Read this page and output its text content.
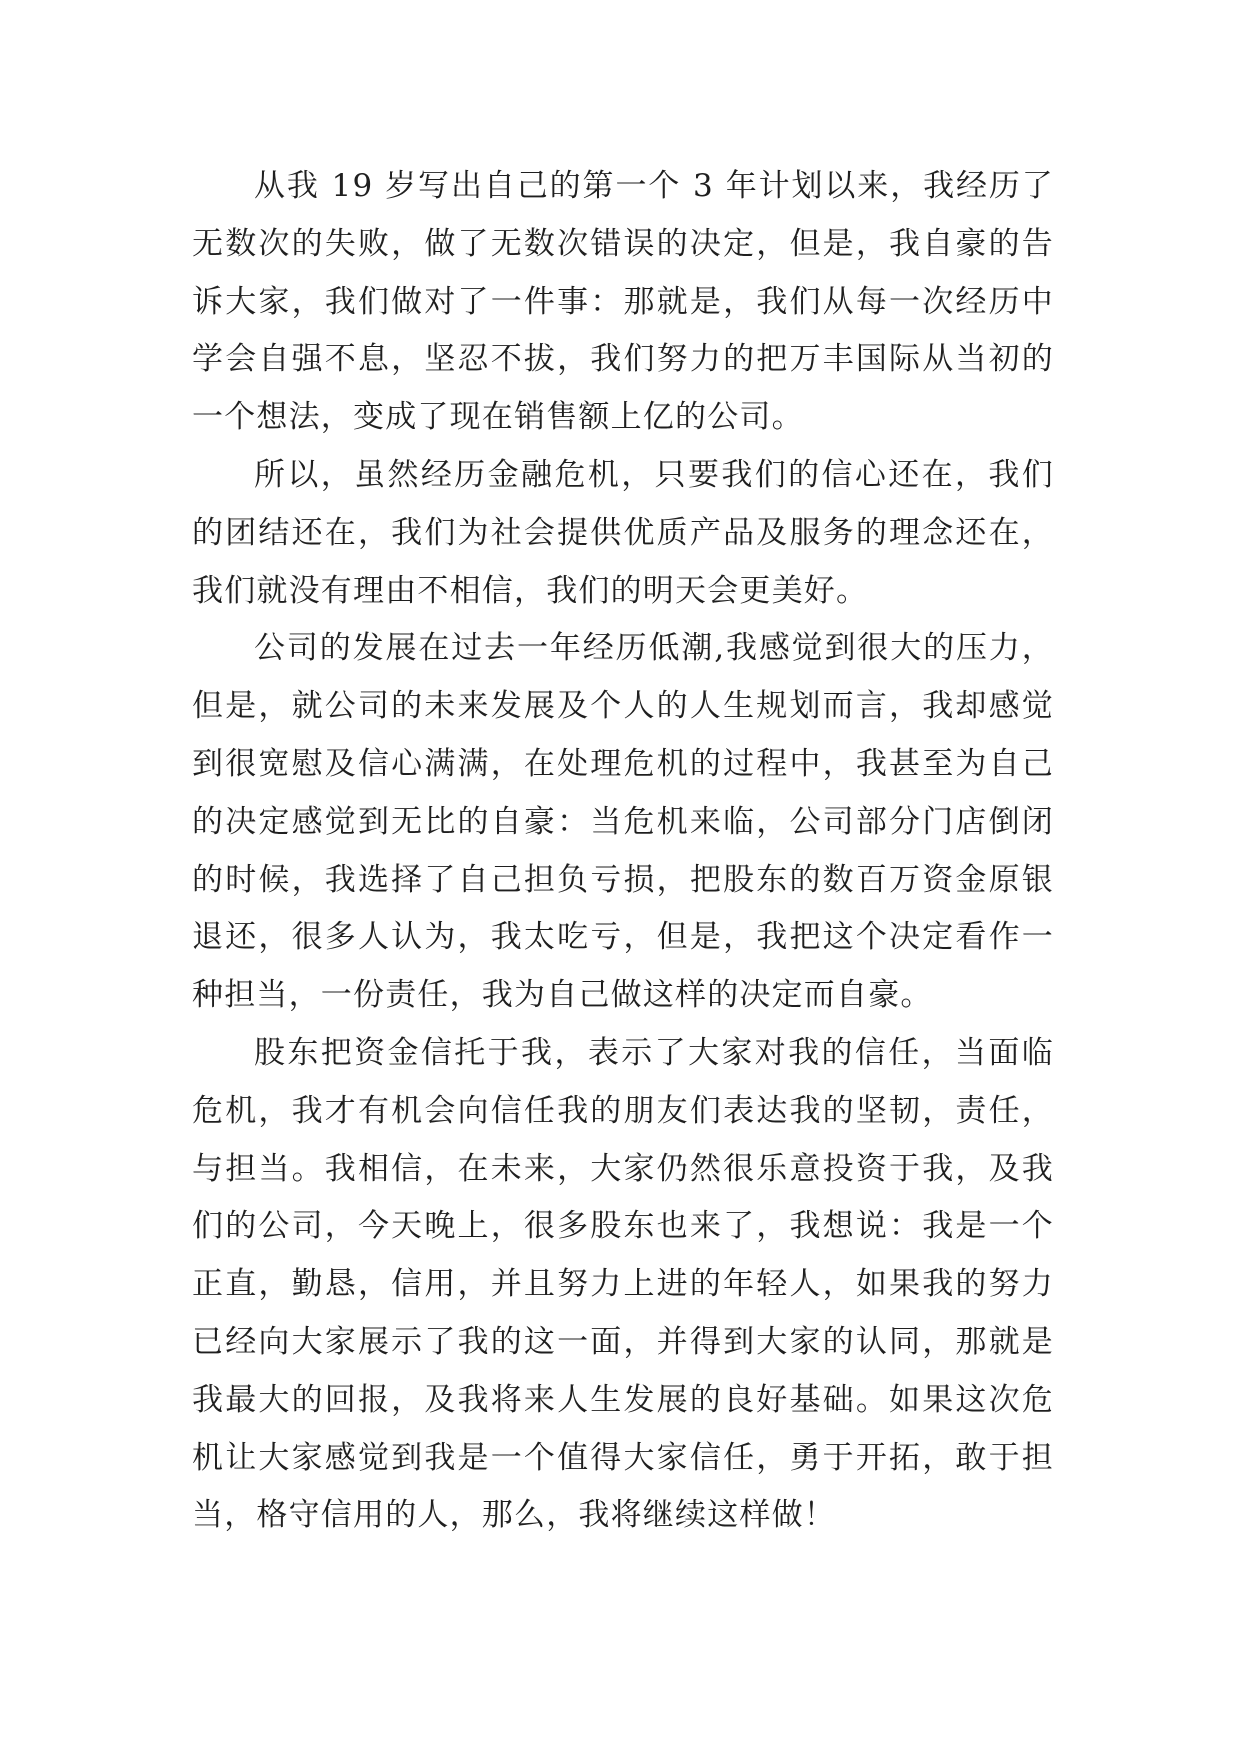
从我 19 岁写出自己的第一个 3 年计划以来，我经历了无数次的失败，做了无数次错误的决定，但是，我自豪的告诉大家，我们做对了一件事：那就是，我们从每一次经历中学会自强不息，坚忍不拔，我们努力的把万丰国际从当初的一个想法，变成了现在销售额上亿的公司。

所以，虽然经历金融危机，只要我们的信心还在，我们的团结还在，我们为社会提供优质产品及服务的理念还在，我们就没有理由不相信，我们的明天会更美好。

公司的发展在过去一年经历低潮,我感觉到很大的压力，但是，就公司的未来发展及个人的人生规划而言，我却感觉到很宽慰及信心满满，在处理危机的过程中，我甚至为自己的决定感觉到无比的自豪：当危机来临，公司部分门店倒闭的时候，我选择了自己担负亏损，把股东的数百万资金原银退还，很多人认为，我太吃亏，但是，我把这个决定看作一种担当，一份责任，我为自己做这样的决定而自豪。

股东把资金信托于我，表示了大家对我的信任，当面临危机，我才有机会向信任我的朋友们表达我的坚韧，责任，与担当。我相信，在未来，大家仍然很乐意投资于我，及我们的公司，今天晚上，很多股东也来了，我想说：我是一个正直，勤恳，信用，并且努力上进的年轻人，如果我的努力已经向大家展示了我的这一面，并得到大家的认同，那就是我最大的回报，及我将来人生发展的良好基础。如果这次危机让大家感觉到我是一个值得大家信任，勇于开拓，敢于担当，格守信用的人，那么，我将继续这样做！
